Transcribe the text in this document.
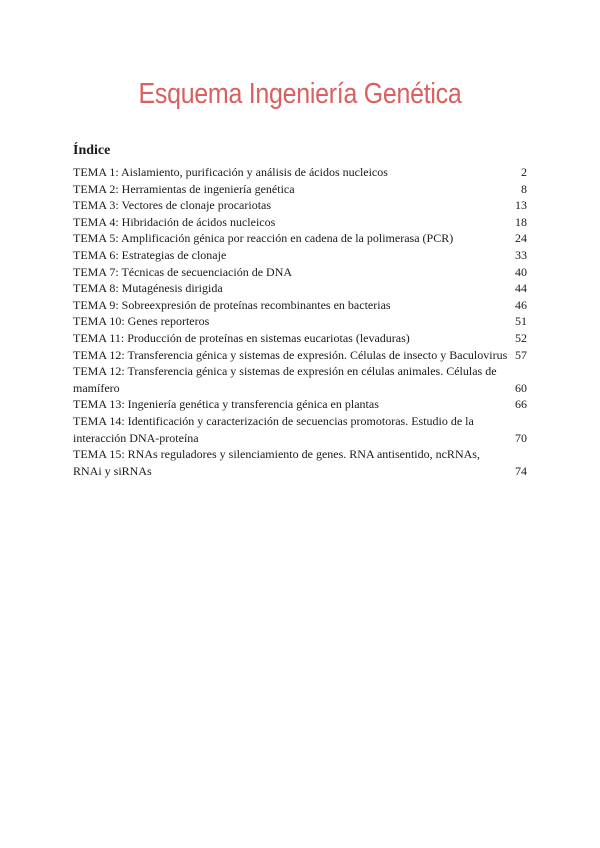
Esquema Ingeniería Genética
Índice
TEMA 1: Aislamiento, purificación y análisis de ácidos nucleicos	2
TEMA 2: Herramientas de ingeniería genética	8
TEMA 3: Vectores de clonaje procariotas	13
TEMA 4: Hibridación de ácidos nucleicos	18
TEMA 5: Amplificación génica por reacción en cadena de la polimerasa (PCR)	24
TEMA 6: Estrategias de clonaje	33
TEMA 7: Técnicas de secuenciación de DNA	40
TEMA 8: Mutagénesis dirigida	44
TEMA 9: Sobreexpresión de proteínas recombinantes en bacterias	46
TEMA 10: Genes reporteros	51
TEMA 11: Producción de proteínas en sistemas eucariotas (levaduras)	52
TEMA 12: Transferencia génica y sistemas de expresión. Células de insecto y Baculovirus 57
TEMA 12: Transferencia génica y sistemas de expresión en células animales. Células de mamífero	60
TEMA 13: Ingeniería genética y transferencia génica en plantas	66
TEMA 14: Identificación y caracterización de secuencias promotoras. Estudio de la interacción DNA-proteína	70
TEMA 15: RNAs reguladores y silenciamiento de genes. RNA antisentido, ncRNAs, RNAi y siRNAs	74
